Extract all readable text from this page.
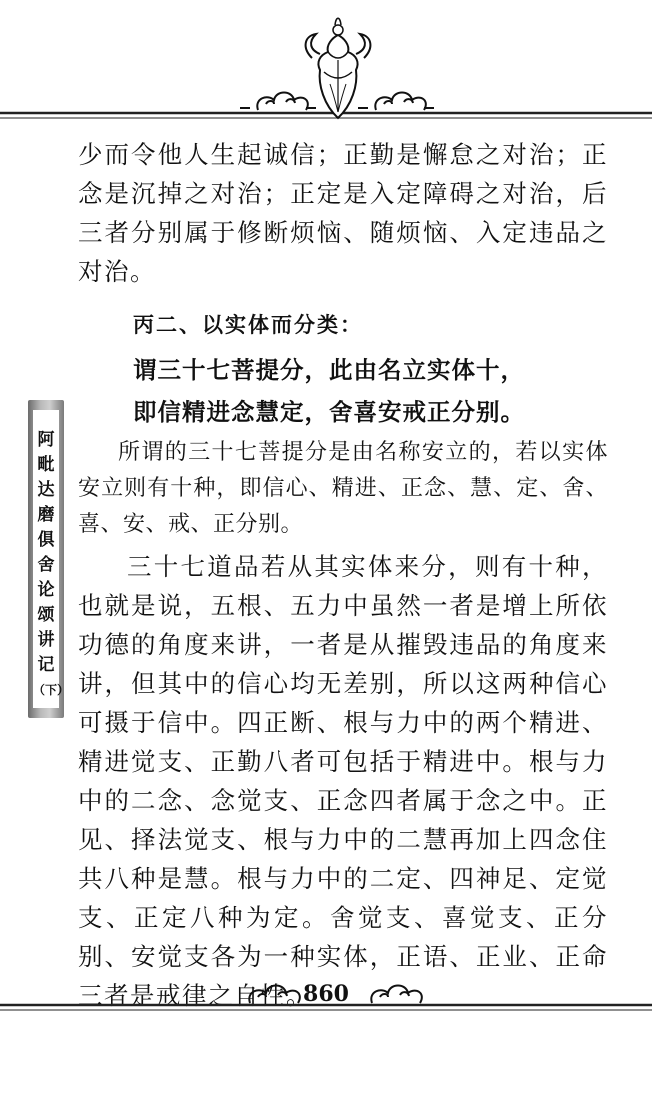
少而令他人生起诚信；正勤是懈怠之对治；正念是沉掉之对治；正定是入定障碍之对治，后三者分别属于修断烦恼、随烦恼、入定违品之对治。

丙二、以实体而分类：
谓三十七菩提分，此由名立实体十，
即信精进念慧定，舍喜安戒正分别。

所谓的三十七菩提分是由名称安立的，若以实体安立则有十种，即信心、精进、正念、慧、定、舍、喜、安、戒、正分别。

三十七道品若从其实体来分，则有十种，也就是说，五根、五力中虽然一者是增上所依功德的角度来讲，一者是从摧毁违品的角度来讲，但其中的信心均无差别，所以这两种信心可摄于信中。四正断、根与力中的两个精进、精进觉支、正勤八者可包括于精进中。根与力中的二念、念觉支、正念四者属于念之中。正见、择法觉支、根与力中的二慧再加上四念住共八种是慧。根与力中的二定、四神足、定觉支、正定八种为定。舍觉支、喜觉支、正分别、安觉支各为一种实体，正语、正业、正命三者是戒律之自性。

阿
毗
达
磨
俱
舍
论
颂
讲
记
（下）
860
